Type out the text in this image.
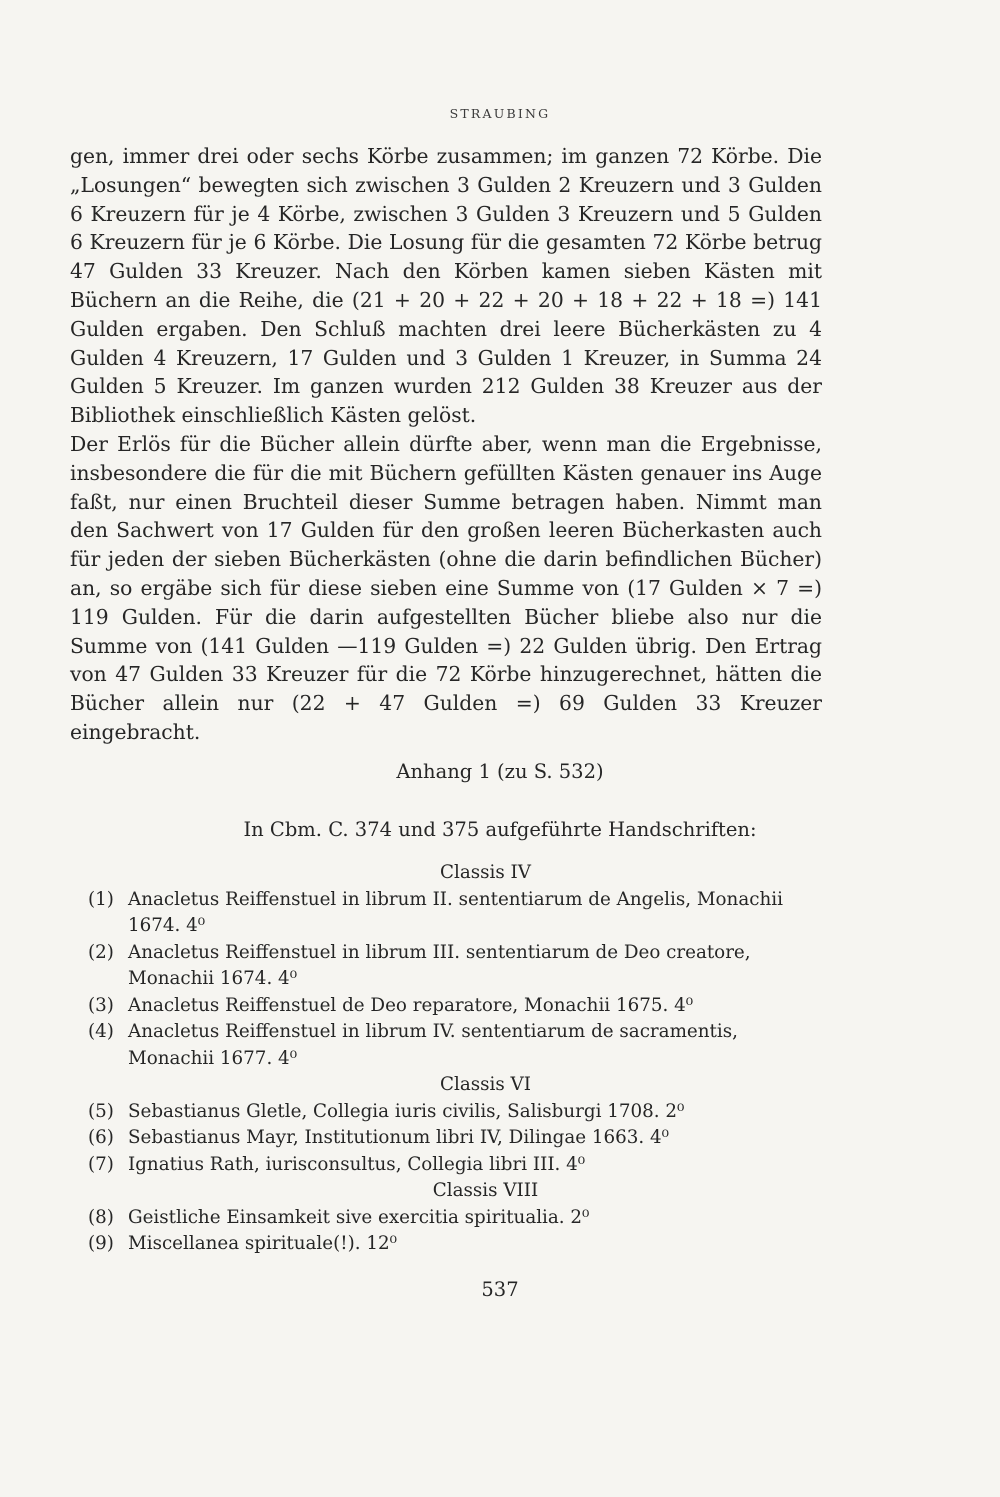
STRAUBING

gen, immer drei oder sechs Körbe zusammen; im ganzen 72 Körbe. Die „Losungen“ bewegten sich zwischen 3 Gulden 2 Kreuzern und 3 Gulden 6 Kreuzern für je 4 Körbe, zwischen 3 Gulden 3 Kreuzern und 5 Gulden 6 Kreuzern für je 6 Körbe. Die Losung für die gesamten 72 Körbe betrug 47 Gulden 33 Kreuzer. Nach den Körben kamen sieben Kästen mit Büchern an die Reihe, die (21 + 20 + 22 + 20 + 18 + 22 + 18 =) 141 Gulden ergaben. Den Schluß machten drei leere Bücherkästen zu 4 Gulden 4 Kreuzern, 17 Gulden und 3 Gulden 1 Kreuzer, in Summa 24 Gulden 5 Kreuzer. Im ganzen wurden 212 Gulden 38 Kreuzer aus der Bibliothek einschließlich Kästen gelöst.

Der Erlös für die Bücher allein dürfte aber, wenn man die Ergebnisse, insbesondere die für die mit Büchern gefüllten Kästen genauer ins Auge faßt, nur einen Bruchteil dieser Summe betragen haben. Nimmt man den Sachwert von 17 Gulden für den großen leeren Bücherkasten auch für jeden der sieben Bücherkästen (ohne die darin befindlichen Bücher) an, so ergäbe sich für diese sieben eine Summe von (17 Gulden × 7 =) 119 Gulden. Für die darin aufgestellten Bücher bliebe also nur die Summe von (141 Gulden —119 Gulden =) 22 Gulden übrig. Den Ertrag von 47 Gulden 33 Kreuzer für die 72 Körbe hinzugerechnet, hätten die Bücher allein nur (22 + 47 Gulden =) 69 Gulden 33 Kreuzer eingebracht.

Anhang 1 (zu S. 532)
In Cbm. C. 374 und 375 aufgeführte Handschriften:

Classis IV

(1) Anacletus Reiffenstuel in librum II. sententiarum de Angelis, Monachii 1674. 4⁰

(2) Anacletus Reiffenstuel in librum III. sententiarum de Deo creatore, Monachii 1674. 4⁰

(3) Anacletus Reiffenstuel de Deo reparatore, Monachii 1675. 4⁰

(4) Anacletus Reiffenstuel in librum IV. sententiarum de sacramentis, Monachii 1677. 4⁰

Classis VI

(5) Sebastianus Gletle, Collegia iuris civilis, Salisburgi 1708. 2⁰

(6) Sebastianus Mayr, Institutionum libri IV, Dilingae 1663. 4⁰

(7) Ignatius Rath, iurisconsultus, Collegia libri III. 4⁰

Classis VIII

(8) Geistliche Einsamkeit sive exercitia spiritualia. 2⁰

(9) Miscellanea spirituale(!). 12⁰

537
